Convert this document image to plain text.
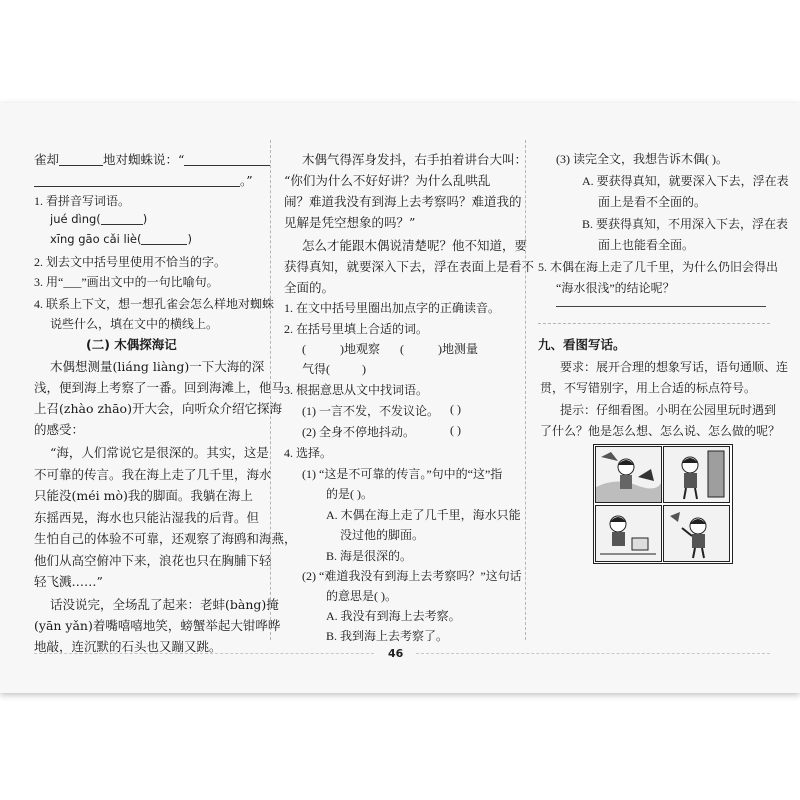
雀却	地对蜘蛛说：“
。”
1. 看拼音写词语。
jué dìng(	)
xīng gāo cǎi liè(	)
2. 划去文中括号里使用不恰当的字。
3. 用“___”画出文中的一句比喻句。
4. 联系上下文，想一想孔雀会怎么样地对蜘蛛
说些什么，填在文中的横线上。
(二) 木偶探海记
木偶想测量(liáng liàng)一下大海的深
浅，便到海上考察了一番。回到海滩上，他马
上召(zhào zhāo)开大会，向听众介绍它探海
的感受：
“海，人们常说它是很深的。其实，这是
不可靠的传言。我在海上走了几千里，海水
只能没(méi mò)我的脚面。我躺在海上
东摇西晃，海水也只能沾湿我的后背。但
生怕自己的体验不可靠，还观察了海鸥和海燕，
他们从高空俯冲下来，浪花也只在胸脯下轻
轻飞溅……”
话没说完，全场乱了起来：老蚌(bàng)掩
(yān yǎn)着嘴嘻嘻地笑，螃蟹举起大钳哗哗
地敲，连沉默的石头也又蹦又跳。
木偶气得浑身发抖，右手拍着讲台大叫：
“你们为什么不好好讲？为什么乱哄乱
闹？难道我没有到海上去考察吗？难道我的
见解是凭空想象的吗？”
怎么才能跟木偶说清楚呢？他不知道，要
获得真知，就要深入下去，浮在表面上是看不
全面的。
1. 在文中括号里圈出加点字的正确读音。
2. 在括号里填上合适的词。
(	)地观察 (	)地测量
气得(	)
3. 根据意思从文中找词语。
(1) 一言不发，不发议论。 ( )
(2) 全身不停地抖动。	( )
4. 选择。
(1) “这是不可靠的传言。”句中的“这”指
的是( )。
A. 木偶在海上走了几千里，海水只能
没过他的脚面。
B. 海是很深的。
(2) “难道我没有到海上去考察吗？”这句话
的意思是( )。
A. 我没有到海上去考察。
B. 我到海上去考察了。
(3) 读完全文，我想告诉木偶( )。
A. 要获得真知，就要深入下去，浮在表
面上是看不全面的。
B. 要获得真知，不用深入下去，浮在表
面上也能看全面。
5. 木偶在海上走了几千里，为什么仍旧会得出
“海水很浅”的结论呢？
九、看图写话。
要求：展开合理的想象写话，语句通顺、连
贯，不写错别字，用上合适的标点符号。
提示：仔细看图。小明在公园里玩时遇到
了什么？他是怎么想、怎么说、怎么做的呢？
46
